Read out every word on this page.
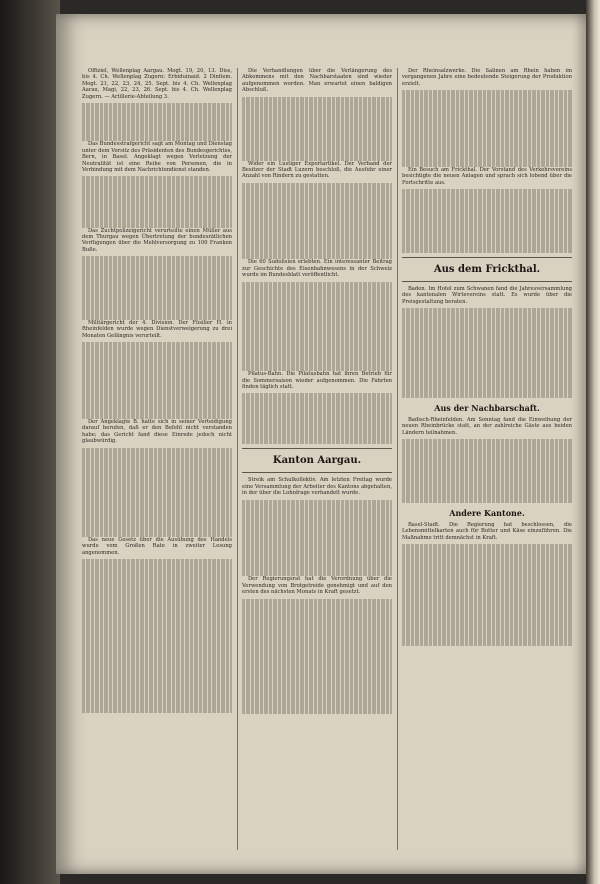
Offiziel, Wellenplag Aargau. Mogt. 19, 20, 13. Diss, bis 4. Ch. Wellenplag Zugern: Erbiduinaid. 2 Dinfiem. Mogt. 21, 22, 23, 24, 25. Sept. bis 4. Ch. Wellenplag Aarau, Magi, 22, 23, 26. Sept. bis 4. Ch. Wellenplag Zugern. — Artillerie-Abteilung 3.

Das Bundesstrafgericht sagt am Montag und Dienstag unter dem Vorsitz des Präsidenten des Bundesgerichtes, Bern, in Basel. Angeklagt wegen Verletzung der Neutralität ist eine Reihe von Personen, die in Verbindung mit dem Nachrichtendienst standen.

Das Zuchtpolizeigericht verurteilte einen Müller aus dem Thurgau wegen Übertretung der bundesrätlichen Verfügungen über die Mehlversorgung zu 100 Franken Buße.

Militärgericht der 4. Division. Der Füsilier H. in Rheinfelden wurde wegen Dienstverweigerung zu drei Monaten Gefängnis verurteilt.

Der Angeklagte B. hatte sich in seiner Verteidigung darauf berufen, daß er den Befehl nicht verstanden habe; das Gericht fand diese Einrede jedoch nicht glaubwürdig.

Das neue Gesetz über die Ausübung des Handels wurde vom Großen Rate in zweiter Lesung angenommen.

Die Verhandlungen über die Verlängerung des Abkommens mit den Nachbarstaaten sind wieder aufgenommen worden. Man erwartet einen baldigen Abschluß.

Wider ein Lustiger Exportartikel. Der Verband der Besitzer der Stadt Luzern beschloß, die Ausfuhr einer Anzahl von Rindern zu gestatten.

Die 60 Sudolisien erlebten. Ein interessanter Beitrag zur Geschichte des Eisenbahnwesens in der Schweiz wurde im Bundesblatt veröffentlicht.

Pilatus-Bahn. Die Pilatusbahn hat ihren Betrieb für die Sommersaison wieder aufgenommen. Die Fahrten finden täglich statt.

Kanton Aargau.

Streik am Schulkollektiv. Am letzten Freitag wurde eine Versammlung der Arbeiter des Kantons abgehalten, in der über die Lohnfrage verhandelt wurde.

Der Regierungsrat hat die Verordnung über die Verwendung von Brotgetreide genehmigt und auf den ersten des nächsten Monats in Kraft gesetzt.

Der Rheinsalzwerke. Die Salinen am Rhein haben im vergangenen Jahre eine bedeutende Steigerung der Produktion erzielt.

Ein Besuch am Frickthal. Der Vorstand des Verkehrsvereins besichtigte die neuen Anlagen und sprach sich lobend über die Fortschritte aus.

Aus dem Frickthal.

Baden. Im Hotel zum Schwanen fand die Jahresversammlung des kantonalen Wirtevereins statt. Es wurde über die Preisgestaltung beraten.

Aus der Nachbarschaft.

Badisch-Rheinfelden. Am Sonntag fand die Einweihung der neuen Rheinbrücke statt, an der zahlreiche Gäste aus beiden Ländern teilnahmen.

Andere Kantone.

Basel-Stadt. Die Regierung hat beschlossen, die Lebensmittelkarten auch für Butter und Käse einzuführen. Die Maßnahme tritt demnächst in Kraft.
